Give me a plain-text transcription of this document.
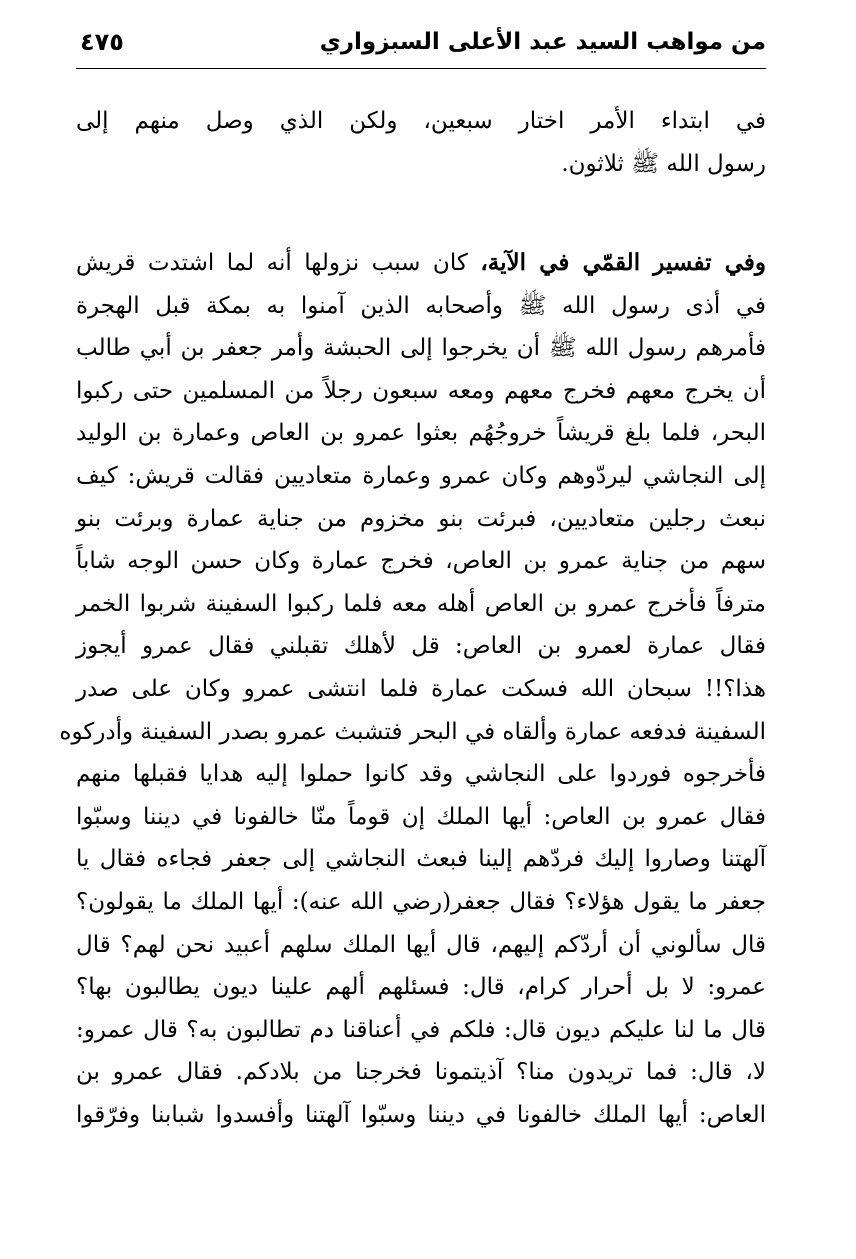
من مواهب السيد عبد الأعلى السبزواري
٤٧٥
في ابتداء الأمر اختار سبعين، ولكن الذي وصل منهم إلى
رسول الله ﷺ ثلاثون.
وفي تفسير القمّي في الآية، كان سبب نزولها أنه لما اشتدت قريش
في أذى رسول الله ﷺ وأصحابه الذين آمنوا به بمكة قبل الهجرة
فأمرهم رسول الله ﷺ أن يخرجوا إلى الحبشة وأمر جعفر بن أبي طالب
أن يخرج معهم فخرج معهم ومعه سبعون رجلاً من المسلمين حتى ركبوا
البحر، فلما بلغ قريشاً خروجُهُم بعثوا عمرو بن العاص وعمارة بن الوليد
إلى النجاشي ليردّوهم وكان عمرو وعمارة متعاديين فقالت قريش: كيف
نبعث رجلين متعاديين، فبرئت بنو مخزوم من جناية عمارة وبرئت بنو
سهم من جناية عمرو بن العاص، فخرج عمارة وكان حسن الوجه شاباً
مترفاً فأخرج عمرو بن العاص أهله معه فلما ركبوا السفينة شربوا الخمر
فقال عمارة لعمرو بن العاص: قل لأهلك تقبلني فقال عمرو أيجوز
هذا؟!! سبحان الله فسكت عمارة فلما انتشى عمرو وكان على صدر
السفينة فدفعه عمارة وألقاه في البحر فتشبث عمرو بصدر السفينة وأدركوه
فأخرجوه فوردوا على النجاشي وقد كانوا حملوا إليه هدايا فقبلها منهم
فقال عمرو بن العاص: أيها الملك إن قوماً منّا خالفونا في ديننا وسبّوا
آلهتنا وصاروا إليك فردّهم إلينا فبعث النجاشي إلى جعفر فجاءه فقال يا
جعفر ما يقول هؤلاء؟ فقال جعفر(رضي الله عنه): أيها الملك ما يقولون؟
قال سألوني أن أردّكم إليهم، قال أيها الملك سلهم أعبيد نحن لهم؟ قال
عمرو: لا بل أحرار كرام، قال: فسئلهم ألهم علينا ديون يطالبون بها؟
قال ما لنا عليكم ديون قال: فلكم في أعناقنا دم تطالبون به؟ قال عمرو:
لا، قال: فما تريدون منا؟ آذيتمونا فخرجنا من بلادكم. فقال عمرو بن
العاص: أيها الملك خالفونا في ديننا وسبّوا آلهتنا وأفسدوا شبابنا وفرّقوا
